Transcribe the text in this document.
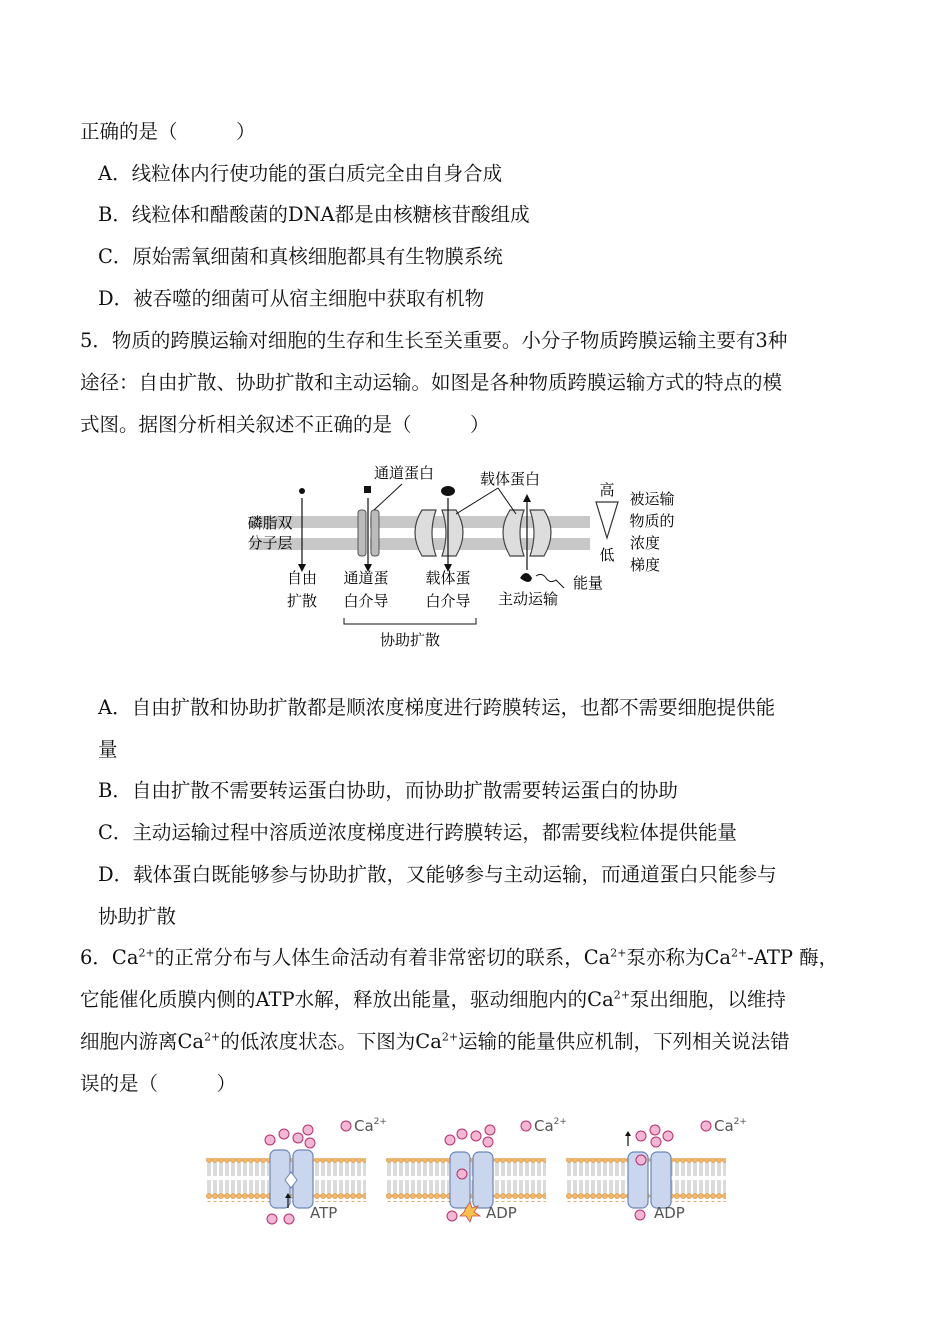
正确的是（　　　）
A．线粒体内行使功能的蛋白质完全由自身合成
B．线粒体和醋酸菌的DNA都是由核糖核苷酸组成
C．原始需氧细菌和真核细胞都具有生物膜系统
D．被吞噬的细菌可从宿主细胞中获取有机物
5．物质的跨膜运输对细胞的生存和生长至关重要。小分子物质跨膜运输主要有3种
途径：自由扩散、协助扩散和主动运输。如图是各种物质跨膜运输方式的特点的模
式图。据图分析相关叙述不正确的是（　　　）
磷脂双
分子层
通道蛋白	载体蛋白
高
低
被运输
物质的
浓度
梯度
自由
扩散
通道蛋
白介导
载体蛋
白介导 主动运输
能量
协助扩散
A．自由扩散和协助扩散都是顺浓度梯度进行跨膜转运，也都不需要细胞提供能
量
B．自由扩散不需要转运蛋白协助，而协助扩散需要转运蛋白的协助
C．主动运输过程中溶质逆浓度梯度进行跨膜转运，都需要线粒体提供能量
D．载体蛋白既能够参与协助扩散，又能够参与主动运输，而通道蛋白只能参与
协助扩散
6．$Ca^{2+}$的正常分布与人体生命活动有着非常密切的联系，$Ca^{2+}$泵亦称为$Ca^{2+}$-ATP 酶，
它能催化质膜内侧的ATP水解，释放出能量，驱动细胞内的$Ca^{2+}$泵出细胞，以维持
细胞内游离$Ca^{2+}$的低浓度状态。下图为$Ca^{2+}$运输的能量供应机制，下列相关说法错
误的是（　　　）
$Ca^{2+}$
ATP
$Ca^{2+}$
ADP
$Ca^{2+}$
ADP
